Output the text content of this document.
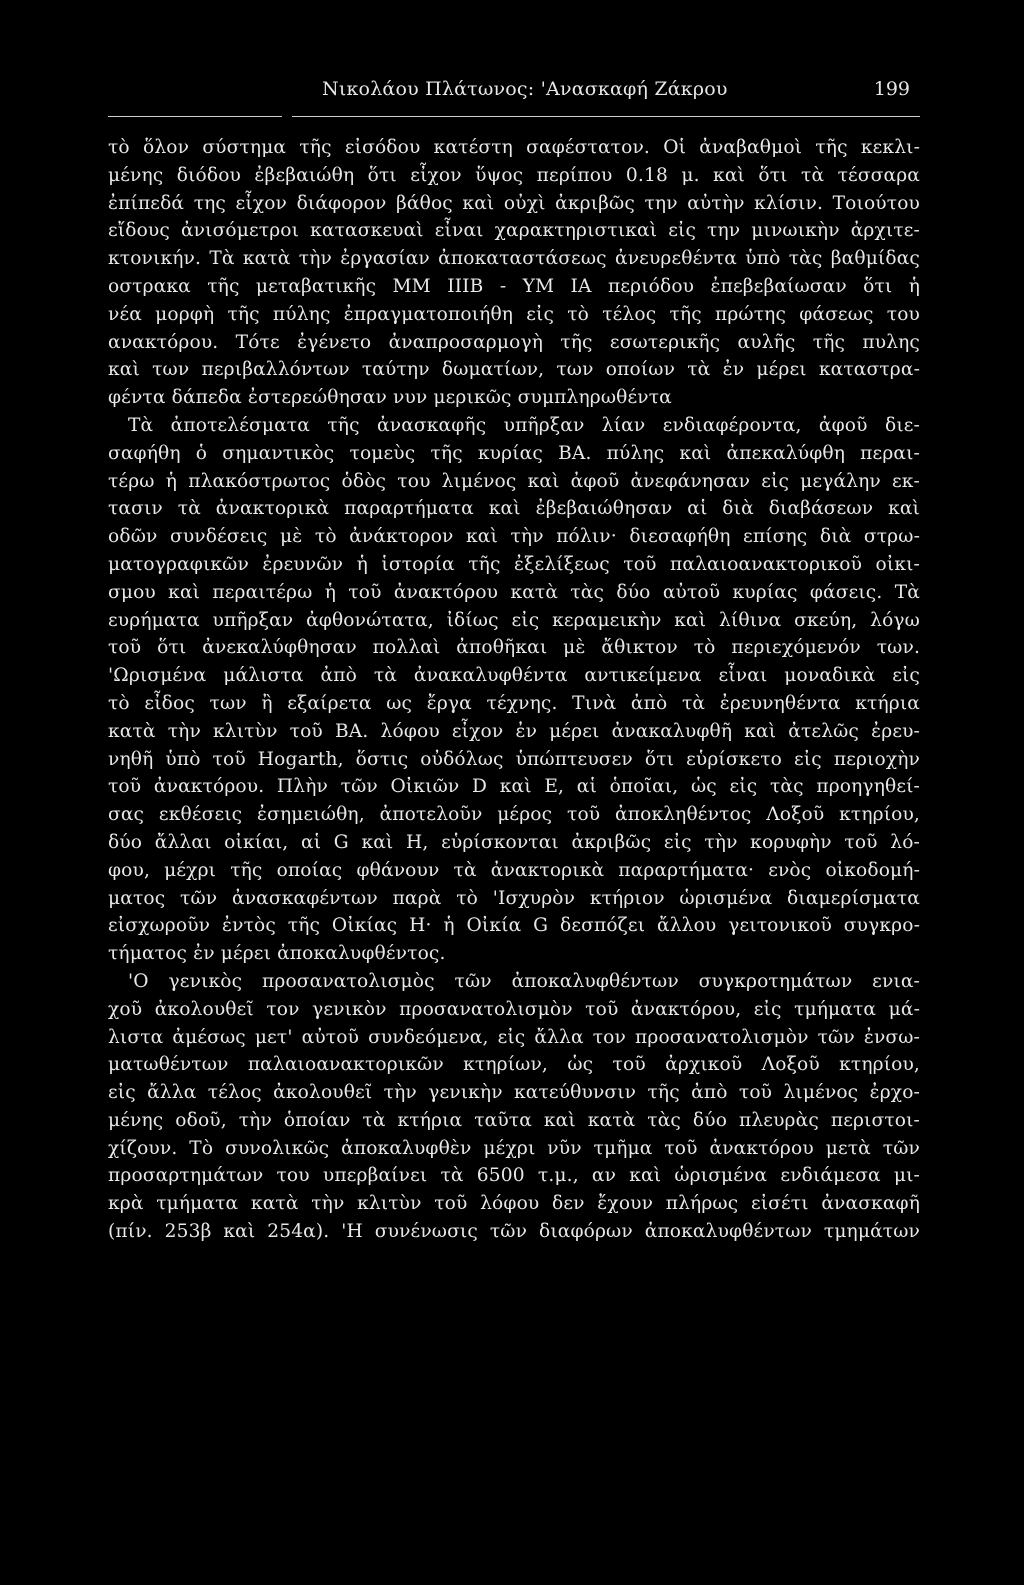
Νικολάου Πλάτωνος: 'Ανασκαφή Ζάκρου	199
τὸ ὅλον σύστημα τῆς εἰσόδου κατέστη σαφέστατον. Οἱ ἀναβαθμοὶ τῆς κεκλι-
μένης διόδου ἐβεβαιώθη ὅτι εἶχον ὕψος περίπου 0.18 μ. καὶ ὅτι τὰ τέσσαρα
ἐπίπεδά της εἶχον διάφορον βάθος καὶ οὐχὶ ἀκριβῶς την αὐτὴν κλίσιν. Τοιούτου
εἴδους ἀνισόμετροι κατασκευαὶ εἶναι χαρακτηριστικαὶ εἰς την μινωικὴν ἀρχιτε-
κτονικήν. Τὰ κατὰ τὴν ἐργασίαν ἀποκαταστάσεως ἀνευρεθέντα ὑπὸ τὰς βαθμίδας
οστρακα τῆς μεταβατικῆς ΜΜ ΙΙΙΒ - ΥΜ ΙΑ περιόδου ἐπεβεβαίωσαν ὅτι ἡ
νέα μορφὴ τῆς πύλης ἐπραγματοποιήθη εἰς τὸ τέλος τῆς πρώτης φάσεως του
ανακτόρου. Τότε ἐγένετο ἀναπροσαρμογὴ τῆς εσωτερικῆς αυλῆς τῆς πυλης
καὶ των περιβαλλόντων ταύτην δωματίων, των οποίων τὰ ἐν μέρει καταστρα-
φέντα δάπεδα ἐστερεώθησαν νυν μερικῶς συμπληρωθέντα
Τὰ ἀποτελέσματα τῆς ἀνασκαφῆς υπῆρξαν λίαν ενδιαφέροντα, ἀφοῦ διε-
σαφήθη ὁ σημαντικὸς τομεὺς τῆς κυρίας ΒΑ. πύλης καὶ ἀπεκαλύφθη περαι-
τέρω ἡ πλακόστρωτος ὁδὸς του λιμένος καὶ ἀφοῦ ἀνεφάνησαν εἰς μεγάλην εκ-
τασιν τὰ ἀνακτορικὰ παραρτήματα καὶ ἐβεβαιώθησαν αἱ διὰ διαβάσεων καὶ
οδῶν συνδέσεις μὲ τὸ ἀνάκτορον καὶ τὴν πόλιν· διεσαφήθη επίσης διὰ στρω-
ματογραφικῶν ἐρευνῶν ἡ ἱστορία τῆς ἐξελίξεως τοῦ παλαιοανακτορικοῦ οἰκι-
σμου καὶ περαιτέρω ἡ τοῦ ἀνακτόρου κατὰ τὰς δύο αὐτοῦ κυρίας φάσεις. Τὰ
ευρήματα υπῆρξαν ἀφθονώτατα, ἰδίως εἰς κεραμεικὴν καὶ λίθινα σκεύη, λόγω
τοῦ ὅτι ἀνεκαλύφθησαν πολλαὶ ἀποθῆκαι μὲ ἄθικτον τὸ περιεχόμενόν των.
'Ωρισμένα μάλιστα ἀπὸ τὰ ἀνακαλυφθέντα αντικείμενα εἶναι μοναδικὰ εἰς
τὸ εἶδος των ἢ εξαίρετα ως ἔργα τέχνης. Τινὰ ἀπὸ τὰ ἐρευνηθέντα κτήρια
κατὰ τὴν κλιτὺν τοῦ ΒΑ. λόφου εἶχον ἐν μέρει ἀνακαλυφθῆ καὶ ἀτελῶς ἐρευ-
νηθῆ ὑπὸ τοῦ Hogarth, ὅστις οὐδόλως ὑπώπτευσεν ὅτι εὑρίσκετο εἰς περιοχὴν
τοῦ ἀνακτόρου. Πλὴν τῶν Οἰκιῶν D καὶ E, αἱ ὁποῖαι, ὡς εἰς τὰς προηγηθεί-
σας εκθέσεις ἐσημειώθη, ἀποτελοῦν μέρος τοῦ ἀποκληθέντος Λοξοῦ κτηρίου,
δύο ἄλλαι οἰκίαι, αἱ G καὶ H, εὑρίσκονται ἀκριβῶς εἰς τὴν κορυφὴν τοῦ λό-
φου, μέχρι τῆς οποίας φθάνουν τὰ ἀνακτορικὰ παραρτήματα· ενὸς οἰκοδομή-
ματος τῶν ἀνασκαφέντων παρὰ τὸ 'Ισχυρὸν κτήριον ὡρισμένα διαμερίσματα
εἰσχωροῦν ἐντὸς τῆς Οἰκίας H· ἡ Οἰκία G δεσπόζει ἄλλου γειτονικοῦ συγκρο-
τήματος ἐν μέρει ἀποκαλυφθέντος.
'Ο γενικὸς προσανατολισμὸς τῶν ἀποκαλυφθέντων συγκροτημάτων ενια-
χοῦ ἀκολουθεῖ τον γενικὸν προσανατολισμὸν τοῦ ἀνακτόρου, εἰς τμήματα μά-
λιστα ἀμέσως μετ' αὐτοῦ συνδεόμενα, εἰς ἄλλα τον προσανατολισμὸν τῶν ἐνσω-
ματωθέντων παλαιοανακτορικῶν κτηρίων, ὡς τοῦ ἀρχικοῦ Λοξοῦ κτηρίου,
εἰς ἄλλα τέλος ἀκολουθεῖ τὴν γενικὴν κατεύθυνσιν τῆς ἀπὸ τοῦ λιμένος ἐρχο-
μένης οδοῦ, τὴν ὁποίαν τὰ κτήρια ταῦτα καὶ κατὰ τὰς δύο πλευρὰς περιστοι-
χίζουν. Τὸ συνολικῶς ἀποκαλυφθὲν μέχρι νῦν τμῆμα τοῦ ἀνακτόρου μετὰ τῶν
προσαρτημάτων του υπερβαίνει τὰ 6500 τ.μ., αν καὶ ὡρισμένα ενδιάμεσα μι-
κρὰ τμήματα κατὰ τὴν κλιτὺν τοῦ λόφου δεν ἔχουν πλήρως εἰσέτι ἀνασκαφῆ
(πίν. 253β καὶ 254α). 'Η συνένωσις τῶν διαφόρων ἀποκαλυφθέντων τμημάτων
